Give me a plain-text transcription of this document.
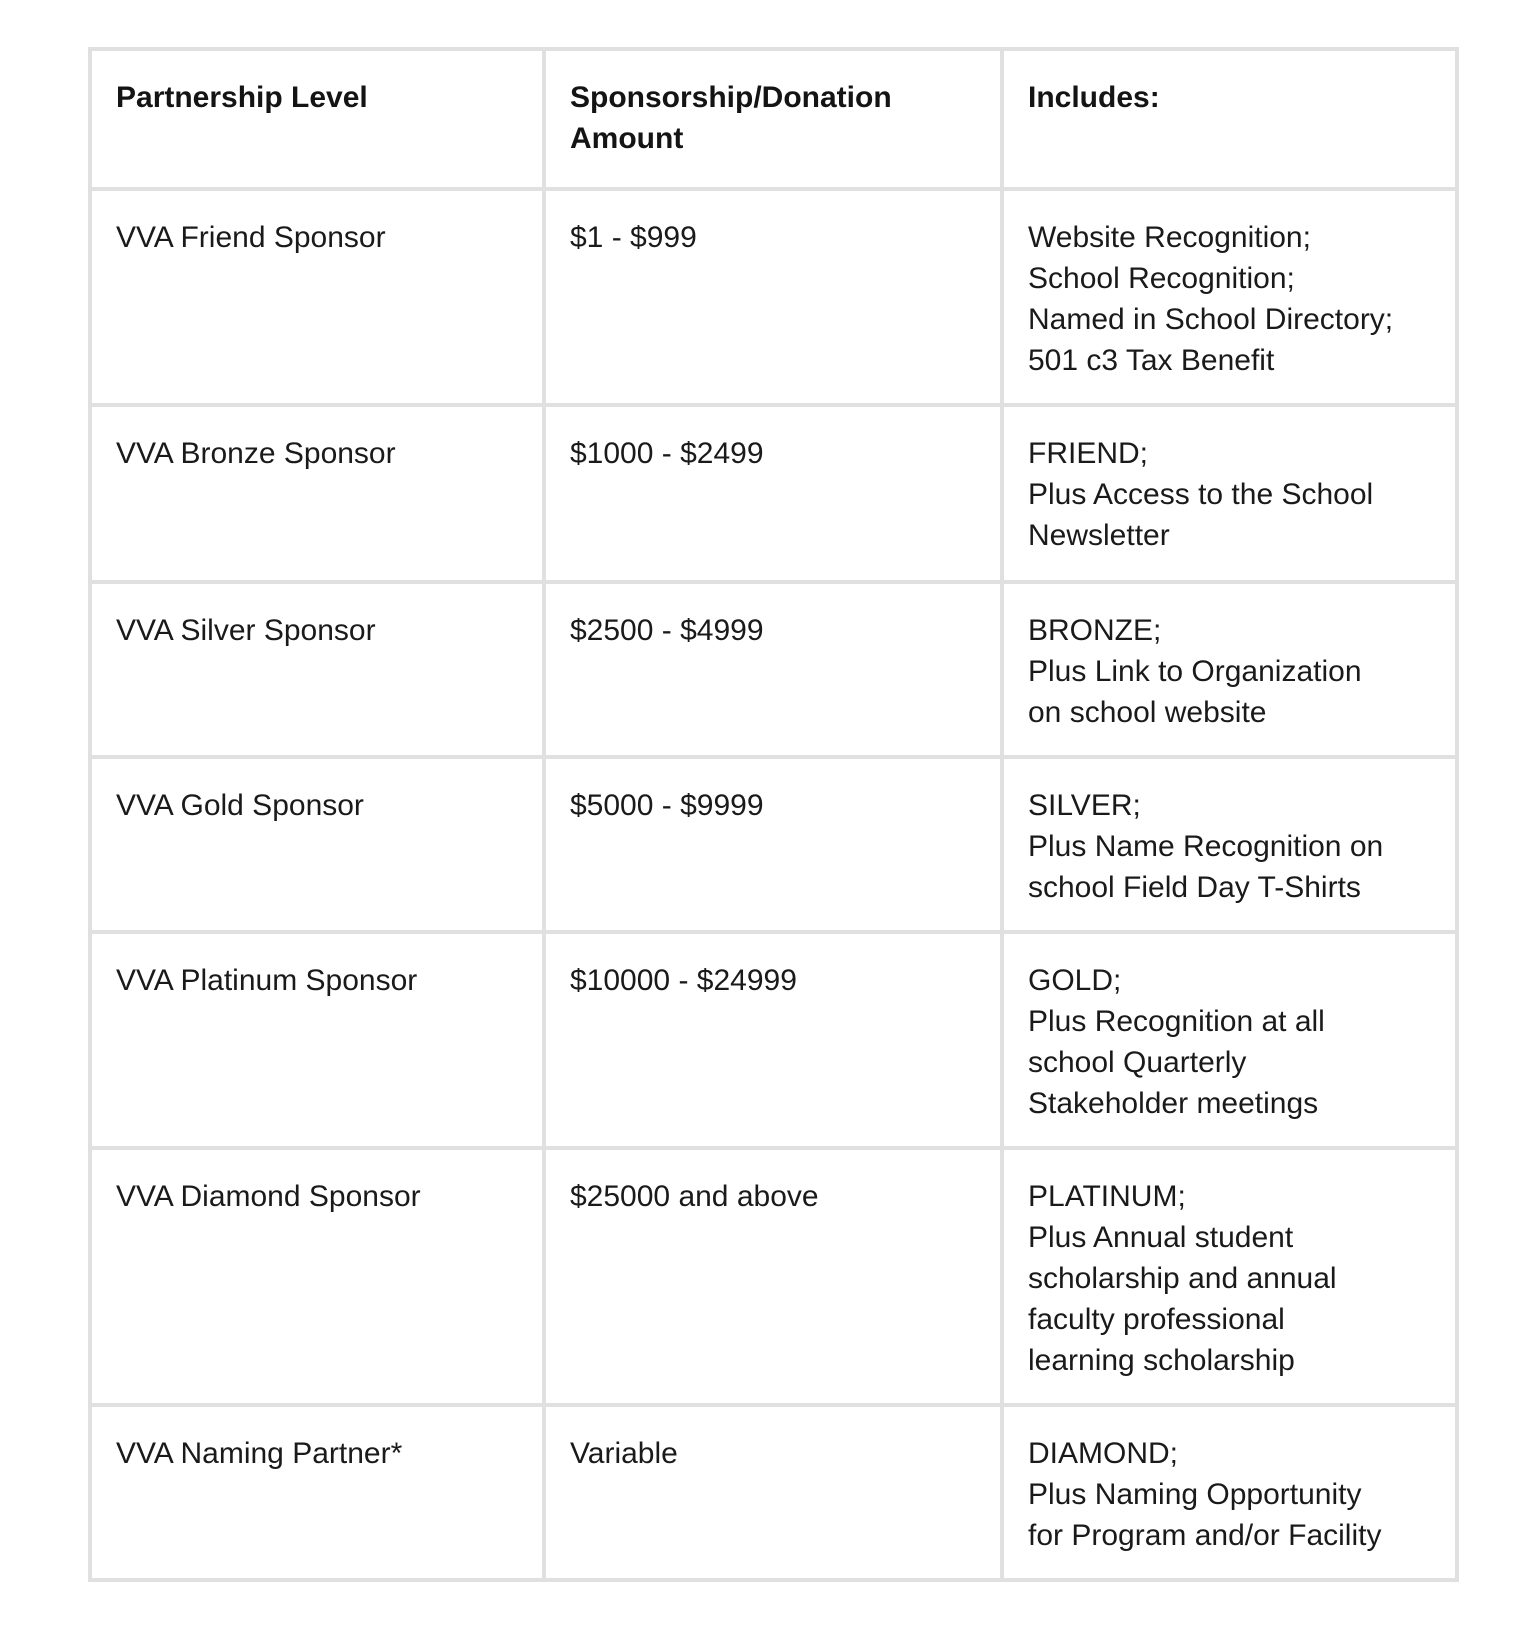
Partnership Level	Sponsorship/Donation Amount	Includes:
VVA Friend Sponsor	$1 - $999	Website Recognition;
School Recognition;
Named in School Directory;
501 c3 Tax Benefit

VVA Bronze Sponsor	$1000 - $2499	FRIEND;
Plus Access to the School
Newsletter

VVA Silver Sponsor	$2500 - $4999	BRONZE;
Plus Link to Organization
on school website

VVA Gold Sponsor	$5000 - $9999	SILVER;
Plus Name Recognition on
school Field Day T-Shirts

VVA Platinum Sponsor	$10000 - $24999	GOLD;
Plus Recognition at all
school Quarterly
Stakeholder meetings

VVA Diamond Sponsor	$25000 and above	PLATINUM;
Plus Annual student
scholarship and annual
faculty professional
learning scholarship

VVA Naming Partner*	Variable	DIAMOND;
Plus Naming Opportunity
for Program and/or Facility
